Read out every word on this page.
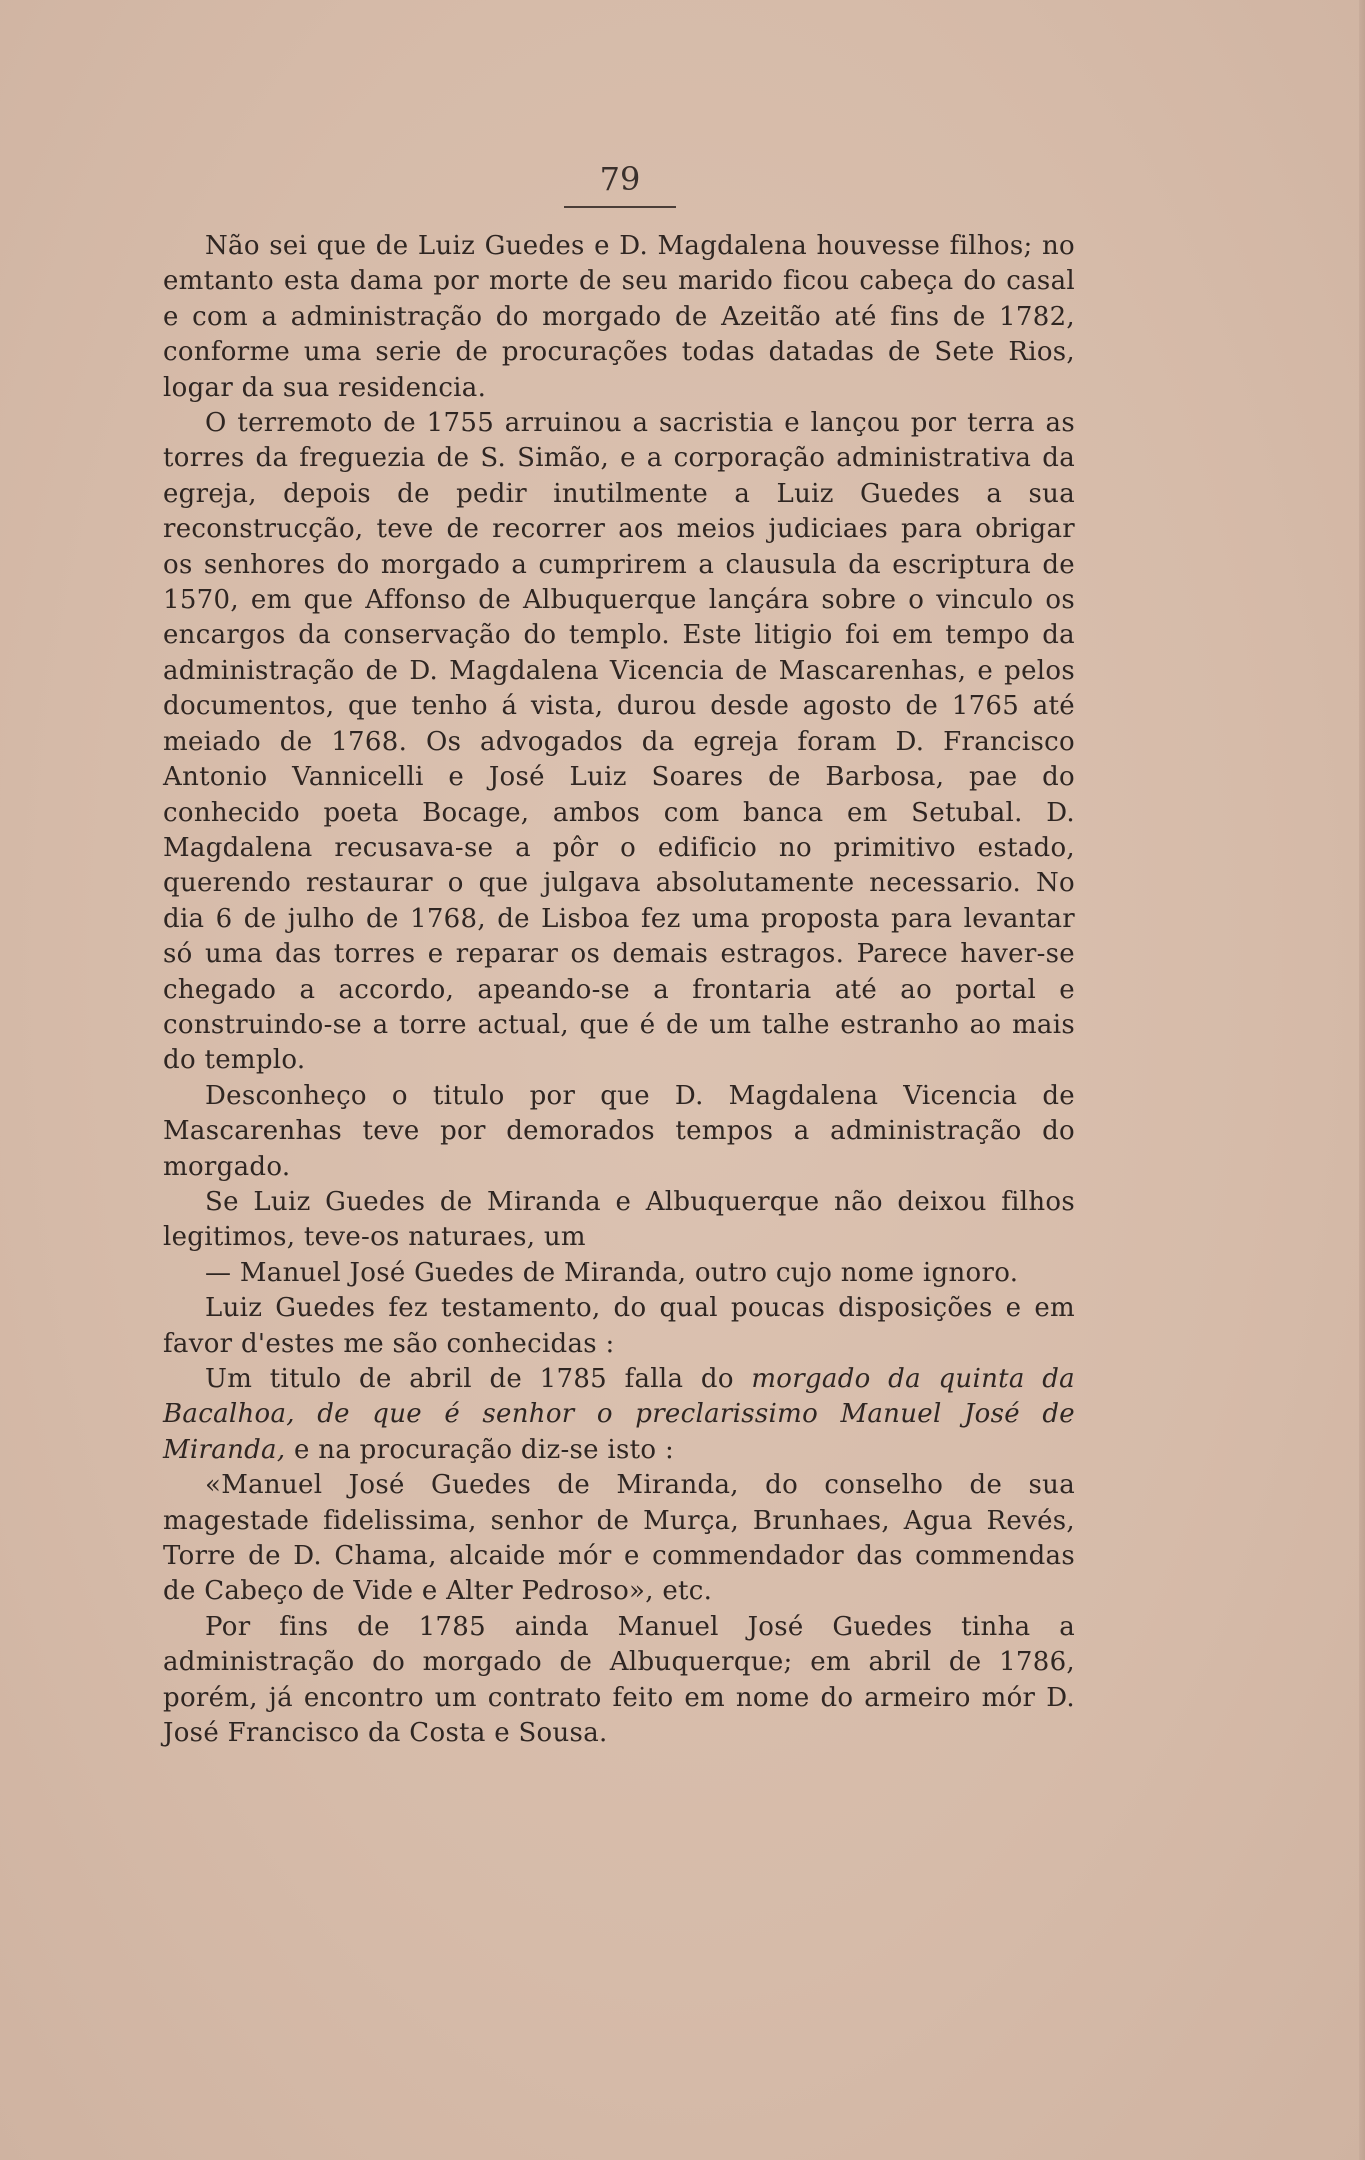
79

Não sei que de Luiz Guedes e D. Magdalena houvesse filhos; no emtanto esta dama por morte de seu marido ficou cabeça do casal e com a administração do morgado de Azeitão até fins de 1782, conforme uma serie de procurações todas datadas de Sete Rios, logar da sua residencia.

O terremoto de 1755 arruinou a sacristia e lançou por terra as torres da freguezia de S. Simão, e a corporação administrativa da egreja, depois de pedir inutilmente a Luiz Guedes a sua reconstrucção, teve de recorrer aos meios judiciaes para obrigar os senhores do morgado a cumprirem a clausula da escriptura de 1570, em que Affonso de Albuquerque lançára sobre o vinculo os encargos da conservação do templo. Este litigio foi em tempo da administração de D. Magdalena Vicencia de Mascarenhas, e pelos documentos, que tenho á vista, durou desde agosto de 1765 até meiado de 1768. Os advogados da egreja foram D. Francisco Antonio Vannicelli e José Luiz Soares de Barbosa, pae do conhecido poeta Bocage, ambos com banca em Setubal. D. Magdalena recusava-se a pôr o edificio no primitivo estado, querendo restaurar o que julgava absolutamente necessario. No dia 6 de julho de 1768, de Lisboa fez uma proposta para levantar só uma das torres e reparar os demais estragos. Parece haver-se chegado a accordo, apeando-se a frontaria até ao portal e construindo-se a torre actual, que é de um talhe estranho ao mais do templo.

Desconheço o titulo por que D. Magdalena Vicencia de Mascarenhas teve por demorados tempos a administração do morgado.

Se Luiz Guedes de Miranda e Albuquerque não deixou filhos legitimos, teve-os naturaes, um

— Manuel José Guedes de Miranda, outro cujo nome ignoro.

Luiz Guedes fez testamento, do qual poucas disposições e em favor d'estes me são conhecidas :

Um titulo de abril de 1785 falla do morgado da quinta da Bacalhoa, de que é senhor o preclarissimo Manuel José de Miranda, e na procuração diz-se isto :

«Manuel José Guedes de Miranda, do conselho de sua magestade fidelissima, senhor de Murça, Brunhaes, Agua Revés, Torre de D. Chama, alcaide mór e commendador das commendas de Cabeço de Vide e Alter Pedroso», etc.

Por fins de 1785 ainda Manuel José Guedes tinha a administração do morgado de Albuquerque; em abril de 1786, porém, já encontro um contrato feito em nome do armeiro mór D. José Francisco da Costa e Sousa.
